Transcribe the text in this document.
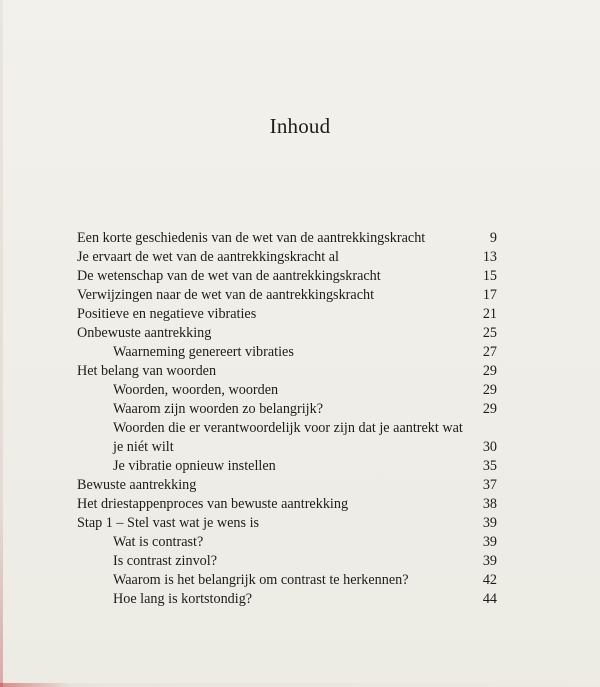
Inhoud
Een korte geschiedenis van de wet van de aantrekkingskracht	9
Je ervaart de wet van de aantrekkingskracht al	13
De wetenschap van de wet van de aantrekkingskracht	15
Verwijzingen naar de wet van de aantrekkingskracht	17
Positieve en negatieve vibraties	21
Onbewuste aantrekking	25
Waarneming genereert vibraties	27
Het belang van woorden	29
Woorden, woorden, woorden	29
Waarom zijn woorden zo belangrijk?	29
Woorden die er verantwoordelijk voor zijn dat je aantrekt wat je niét wilt	30
Je vibratie opnieuw instellen	35
Bewuste aantrekking	37
Het driestappenproces van bewuste aantrekking	38
Stap 1 – Stel vast wat je wens is	39
Wat is contrast?	39
Is contrast zinvol?	39
Waarom is het belangrijk om contrast te herkennen?	42
Hoe lang is kortstondig?	44
